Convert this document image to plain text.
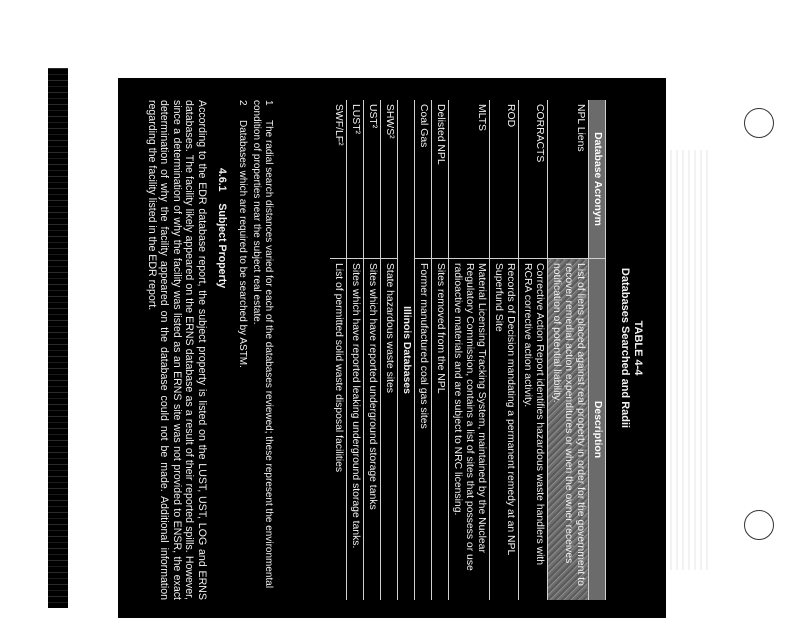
TABLE 4-4
Databases Searched and Radii
Database Acronym	Description
NPL Liens	List of liens placed against real property in order for the government to recover remedial action expenditures or when the owner receives notification of potential liability.
CORRACTS	Corrective Action Report identifies hazardous waste handlers with RCRA corrective action activity.
ROD	Records of Decision mandating a permanent remedy at an NPL Superfund Site
MLTS	Material Licensing Tracking System, maintained by the Nuclear Regulatory Commission, contains a list of sites that possess or use radioactive materials and are subject to NRC licensing.
Delisted NPL	Sites removed from the NPL
Coal Gas	Former manufactured coal gas sites
Illinois Databases	
SHWS²	State hazardous waste sites
UST²	Sites which have reported underground storage tanks
LUST²	Sites which have reported leaking underground storage tanks.
SWF/LF²	List of permitted solid waste disposal facilities
1The radial search distances varied for each of the databases reviewed; these represent the environmental condition of properties near the subject real estate.
2Databases which are required to be searched by ASTM.
4.6.1    Subject Property
According to the EDR database report, the subject property is listed on the LUST, UST, LOG and ERNS databases. The facility likely appeared on the ERNS database as a result of their reported spills. However, since a determination of why the facility was listed as an ERNS site was not provided to ENSR, the exact determination of why the facility appeared on the database could not be made. Additional information regarding the facility listed in the EDR report.
